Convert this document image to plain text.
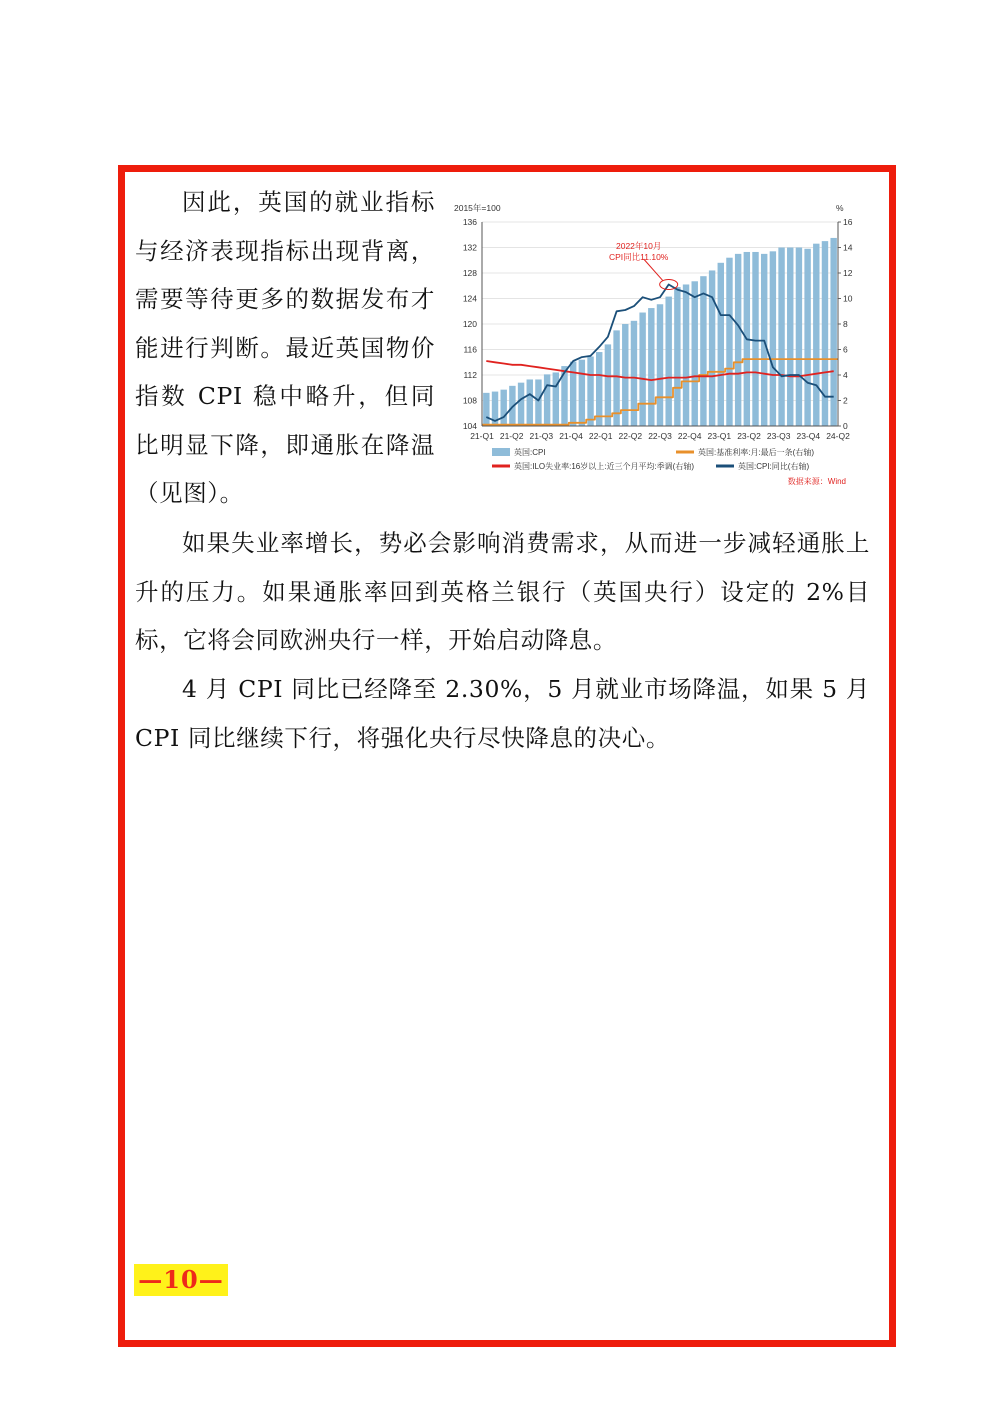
因此，英国的就业指标与经济表现指标出现背离，需要等待更多的数据发布才能进行判断。最近英国物价指数 CPI 稳中略升，但同比明显下降，即通胀在降温（见图）。

104
108
112
116
120
124
128
132
136
0
2
4
6
8
10
12
14
16
2015年=100	%
21-Q1 21-Q2 21-Q3 21-Q4 22-Q1 22-Q2 22-Q3 22-Q4 23-Q1 23-Q2 23-Q3 23-Q4 24-Q2
2022年10月
CPI同比11.10%
英国:CPI	英国:基准利率:月:最后一条(右轴)
英国:ILO失业率:16岁以上:近三个月平均:季调(右轴)	英国:CPI:同比(右轴)
数据来源：Wind

如果失业率增长，势必会影响消费需求，从而进一步减轻通胀上升的压力。如果通胀率回到英格兰银行（英国央行）设定的 2%目标，它将会同欧洲央行一样，开始启动降息。

4 月 CPI 同比已经降至 2.30%，5 月就业市场降温，如果 5 月 CPI 同比继续下行，将强化央行尽快降息的决心。

—10—
